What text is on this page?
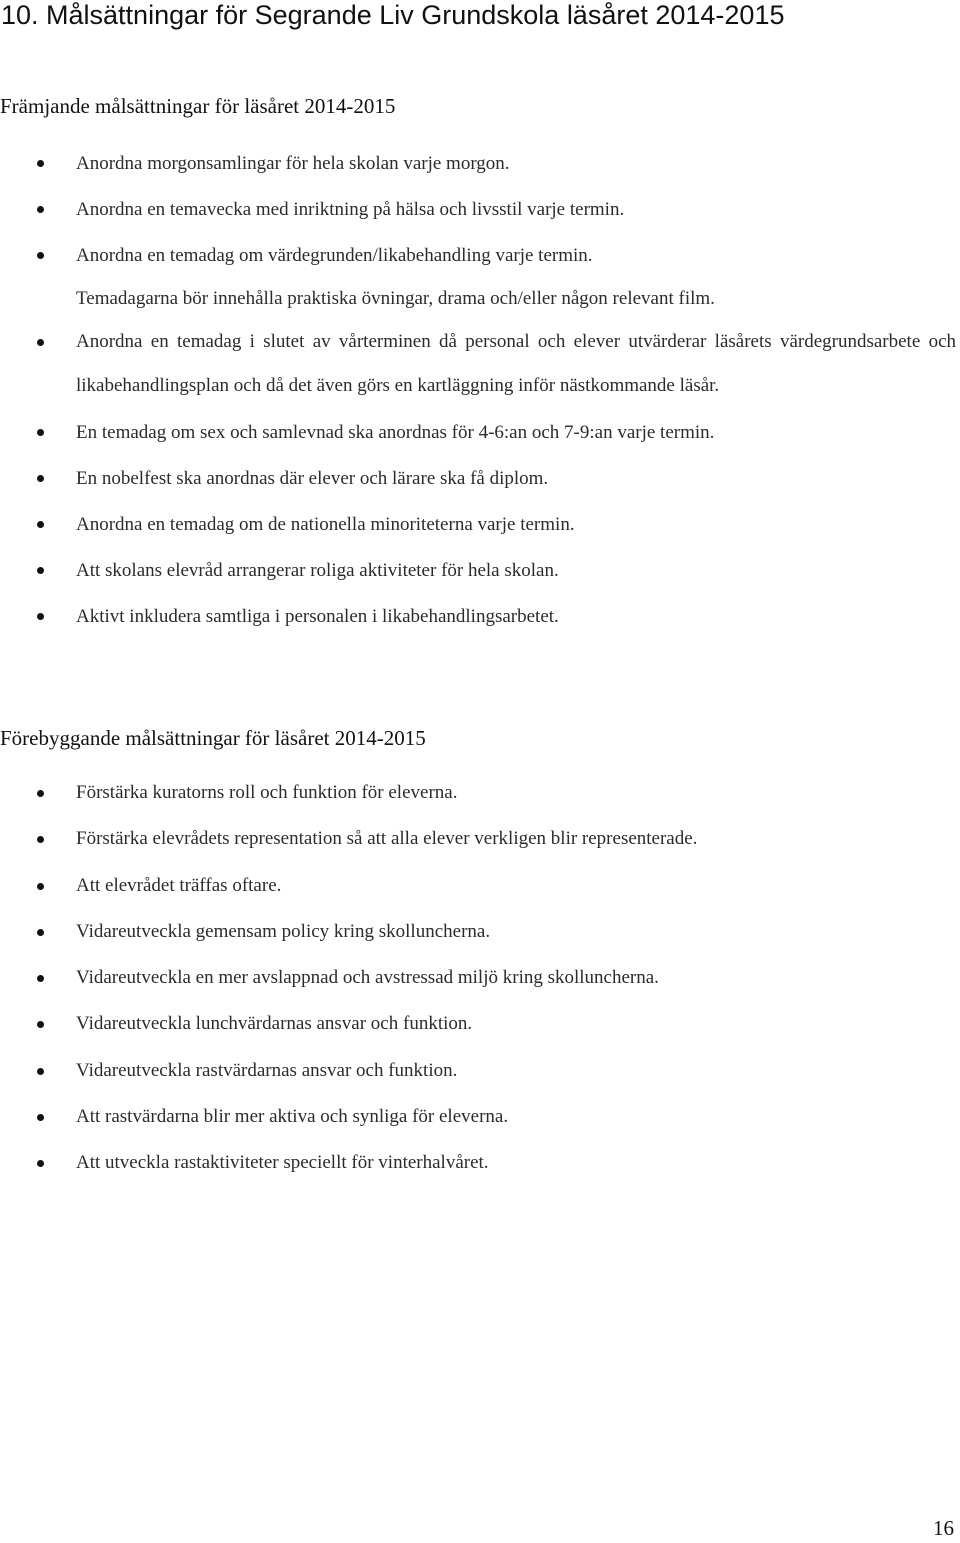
10. Målsättningar för Segrande Liv Grundskola läsåret 2014-2015
Främjande målsättningar för läsåret 2014-2015
Anordna morgonsamlingar för hela skolan varje morgon.
Anordna en temavecka med inriktning på hälsa och livsstil varje termin.
Anordna en temadag om värdegrunden/likabehandling varje termin.
Temadagarna bör innehålla praktiska övningar, drama och/eller någon relevant film.
Anordna en temadag i slutet av vårterminen då personal och elever utvärderar läsårets värdegrundsarbete och likabehandlingsplan och då det även görs en kartläggning inför nästkommande läsår.
En temadag om sex och samlevnad ska anordnas för 4-6:an och 7-9:an varje termin.
En nobelfest ska anordnas där elever och lärare ska få diplom.
Anordna en temadag om de nationella minoriteterna varje termin.
Att skolans elevråd arrangerar roliga aktiviteter för hela skolan.
Aktivt inkludera samtliga i personalen i likabehandlingsarbetet.
Förebyggande målsättningar för läsåret 2014-2015
Förstärka kuratorns roll och funktion för eleverna.
Förstärka elevrådets representation så att alla elever verkligen blir representerade.
Att elevrådet träffas oftare.
Vidareutveckla gemensam policy kring skolluncherna.
Vidareutveckla en mer avslappnad och avstressad miljö kring skolluncherna.
Vidareutveckla lunchvärdarnas ansvar och funktion.
Vidareutveckla rastvärdarnas ansvar och funktion.
Att rastvärdarna blir mer aktiva och synliga för eleverna.
Att utveckla rastaktiviteter speciellt för vinterhalvåret.
16
